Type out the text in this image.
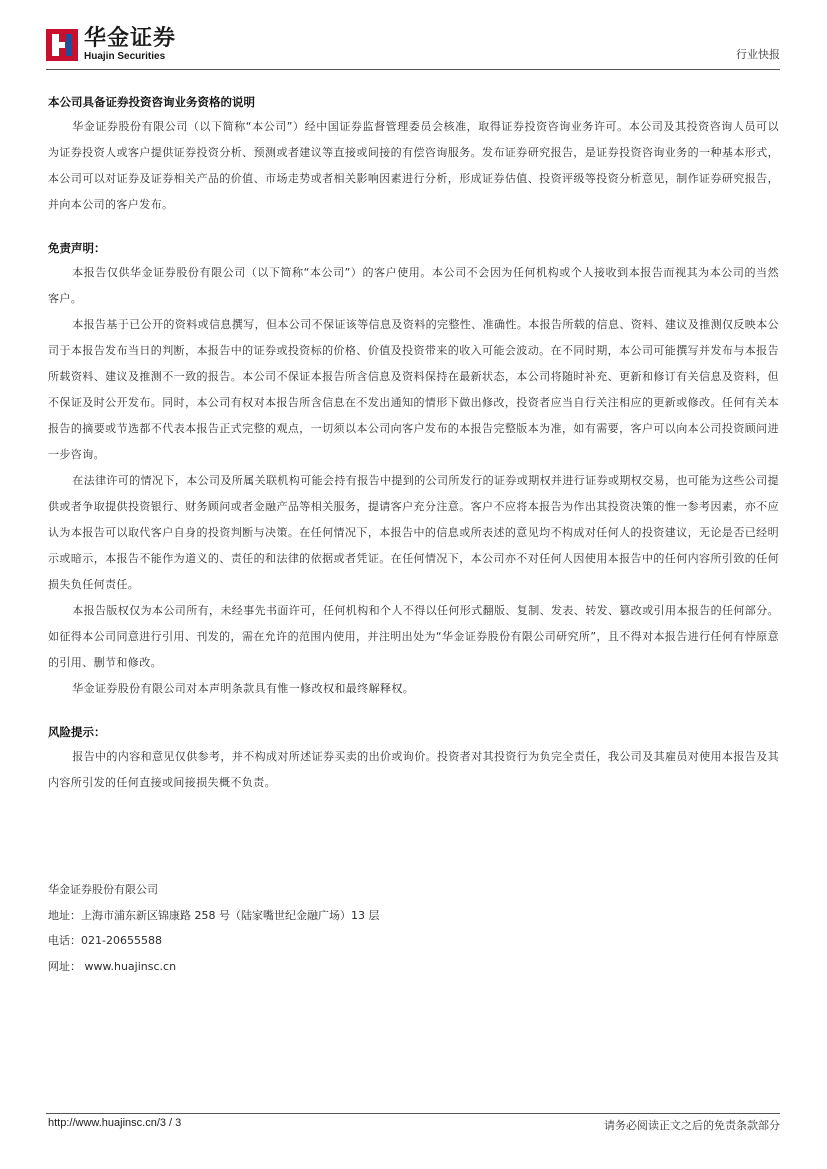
华金证券
Huajin Securities	行业快报
本公司具备证券投资咨询业务资格的说明

华金证券股份有限公司（以下简称“本公司”）经中国证券监督管理委员会核准，取得证券投资咨询业务许可。本公司及其投资咨询人员可以为证券投资人或客户提供证券投资分析、预测或者建议等直接或间接的有偿咨询服务。发布证券研究报告，是证券投资咨询业务的一种基本形式，本公司可以对证券及证券相关产品的价值、市场走势或者相关影响因素进行分析，形成证券估值、投资评级等投资分析意见，制作证券研究报告，并向本公司的客户发布。

免责声明：

本报告仅供华金证券股份有限公司（以下简称“本公司”）的客户使用。本公司不会因为任何机构或个人接收到本报告而视其为本公司的当然客户。

本报告基于已公开的资料或信息撰写，但本公司不保证该等信息及资料的完整性、准确性。本报告所载的信息、资料、建议及推测仅反映本公司于本报告发布当日的判断，本报告中的证券或投资标的价格、价值及投资带来的收入可能会波动。在不同时期，本公司可能撰写并发布与本报告所载资料、建议及推测不一致的报告。本公司不保证本报告所含信息及资料保持在最新状态，本公司将随时补充、更新和修订有关信息及资料，但不保证及时公开发布。同时，本公司有权对本报告所含信息在不发出通知的情形下做出修改，投资者应当自行关注相应的更新或修改。任何有关本报告的摘要或节选都不代表本报告正式完整的观点，一切须以本公司向客户发布的本报告完整版本为准，如有需要，客户可以向本公司投资顾问进一步咨询。

在法律许可的情况下，本公司及所属关联机构可能会持有报告中提到的公司所发行的证券或期权并进行证券或期权交易，也可能为这些公司提供或者争取提供投资银行、财务顾问或者金融产品等相关服务，提请客户充分注意。客户不应将本报告为作出其投资决策的惟一参考因素，亦不应认为本报告可以取代客户自身的投资判断与决策。在任何情况下，本报告中的信息或所表述的意见均不构成对任何人的投资建议，无论是否已经明示或暗示，本报告不能作为道义的、责任的和法律的依据或者凭证。在任何情况下，本公司亦不对任何人因使用本报告中的任何内容所引致的任何损失负任何责任。

本报告版权仅为本公司所有，未经事先书面许可，任何机构和个人不得以任何形式翻版、复制、发表、转发、篡改或引用本报告的任何部分。如征得本公司同意进行引用、刊发的，需在允许的范围内使用，并注明出处为“华金证券股份有限公司研究所”，且不得对本报告进行任何有悖原意的引用、删节和修改。

华金证券股份有限公司对本声明条款具有惟一修改权和最终解释权。

风险提示：

报告中的内容和意见仅供参考，并不构成对所述证券买卖的出价或询价。投资者对其投资行为负完全责任，我公司及其雇员对使用本报告及其内容所引发的任何直接或间接损失概不负责。

华金证券股份有限公司
地址：上海市浦东新区锦康路 258 号（陆家嘴世纪金融广场）13 层
电话：021-20655588
网址： www.huajinsc.cn
http://www.huajinsc.cn/3 / 3	请务必阅读正文之后的免责条款部分
